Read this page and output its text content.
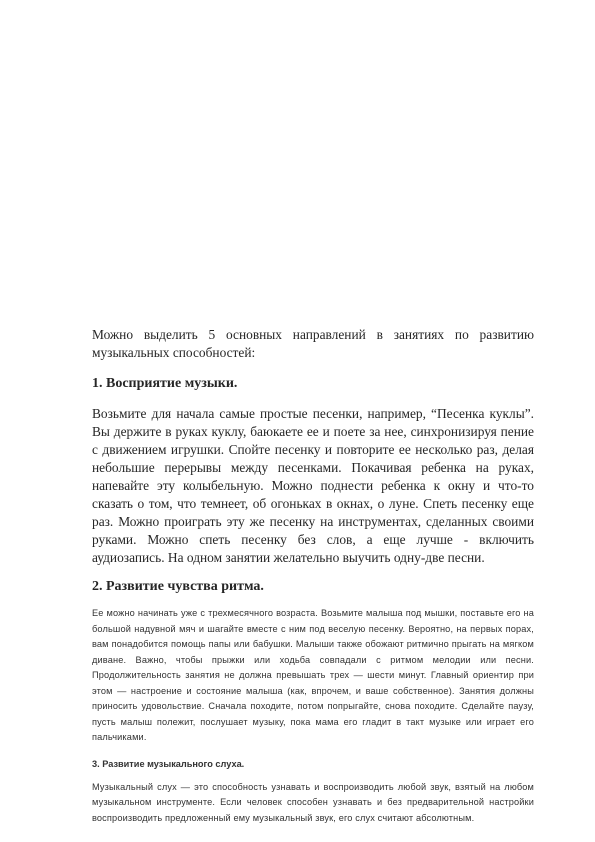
Можно выделить 5 основных направлений в занятиях по развитию музыкальных способностей:

1. Восприятие музыки.

Возьмите для начала самые простые песенки, например, “Песенка куклы”. Вы держите в руках куклу, баюкаете ее и поете за нее, синхронизируя пение с движением игрушки. Спойте песенку и повторите ее несколько раз, делая небольшие перерывы между песенками. Покачивая ребенка на руках, напевайте эту колыбельную. Можно поднести ребенка к окну и что-то сказать о том, что темнеет, об огоньках в окнах, о луне. Спеть песенку еще раз. Можно проиграть эту же песенку на инструментах, сделанных своими руками. Можно спеть песенку без слов, а еще лучше - включить аудиозапись. На одном занятии желательно выучить одну-две песни.

2. Развитие чувства ритма.

Ее можно начинать уже с трехмесячного возраста. Возьмите малыша под мышки, поставьте его на большой надувной мяч и шагайте вместе с ним под веселую песенку. Вероятно, на первых порах, вам понадобится помощь папы или бабушки. Малыши также обожают ритмично прыгать на мягком диване. Важно, чтобы прыжки или ходьба совпадали с ритмом мелодии или песни. Продолжительность занятия не должна превышать трех — шести минут. Главный ориентир при этом — настроение и состояние малыша (как, впрочем, и ваше собственное). Занятия должны приносить удовольствие. Сначала походите, потом попрыгайте, снова походите. Сделайте паузу, пусть малыш полежит, послушает музыку, пока мама его гладит в такт музыке или играет его пальчиками.

3. Развитие музыкального слуха.

Музыкальный слух — это способность узнавать и воспроизводить любой звук, взятый на любом музыкальном инструменте. Если человек способен узнавать и без предварительной настройки воспроизводить предложенный ему музыкальный звук, его слух считают абсолютным.
